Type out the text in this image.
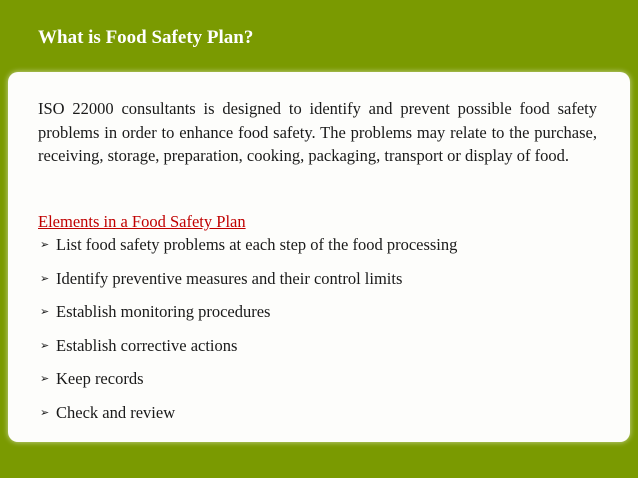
What is Food Safety Plan?

ISO 22000 consultants is designed to identify and prevent possible food safety problems in order to enhance food safety. The problems may relate to the purchase, receiving, storage, preparation, cooking, packaging, transport or display of food.

Elements in a Food Safety Plan

➢ List food safety problems at each step of the food processing
➢ Identify preventive measures and their control limits
➢ Establish monitoring procedures
➢ Establish corrective actions
➢ Keep records
➢ Check and review
